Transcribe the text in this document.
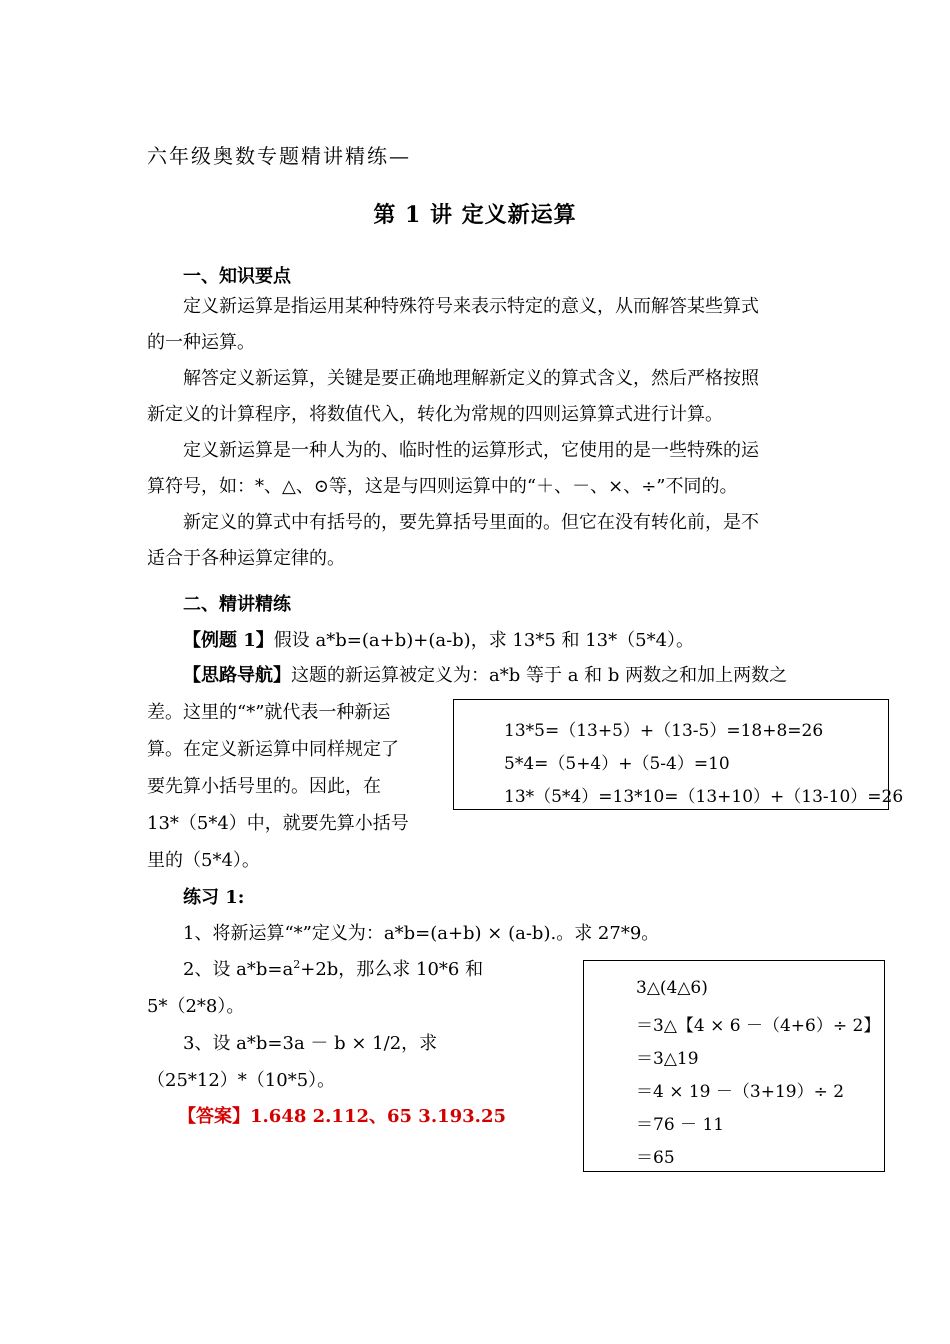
六年级奥数专题精讲精练—
第 1 讲 定义新运算
一、知识要点

定义新运算是指运用某种特殊符号来表示特定的意义，从而解答某些算式

的一种运算。

解答定义新运算，关键是要正确地理解新定义的算式含义，然后严格按照

新定义的计算程序，将数值代入，转化为常规的四则运算算式进行计算。

定义新运算是一种人为的、临时性的运算形式，它使用的是一些特殊的运

算符号，如：*、△、⊙等，这是与四则运算中的“＋、－、×、÷”不同的。

新定义的算式中有括号的，要先算括号里面的。但它在没有转化前，是不

适合于各种运算定律的。

二、精讲精练
【例题 1】假设 a*b=(a+b)+(a-b)，求 13*5 和 13*（5*4）。
【思路导航】这题的新运算被定义为：a*b 等于 a 和 b 两数之和加上两数之
差。这里的“*”就代表一种新运
算。在定义新运算中同样规定了
要先算小括号里的。因此，在
13*（5*4）中，就要先算小括号
里的（5*4）。
13*5=（13+5）+（13-5）=18+8=26
5*4=（5+4）+（5-4）=10
13*（5*4）=13*10=（13+10）+（13-10）=26
练习 1:
1、将新运算“*”定义为：a*b=(a+b) × (a-b).。求 27*9。
2、设 $a*b=a^2+2b$，那么求 10*6 和
5*（2*8）。
3、设 a*b=3a － b × 1/2，求
（25*12）*（10*5）。
【答案】1.648 2.112、65 3.193.25
3△(4△6)
＝3△【4 × 6 －（4+6）÷ 2】
＝3△19
＝4 × 19 －（3+19）÷ 2
＝76 － 11
＝65
